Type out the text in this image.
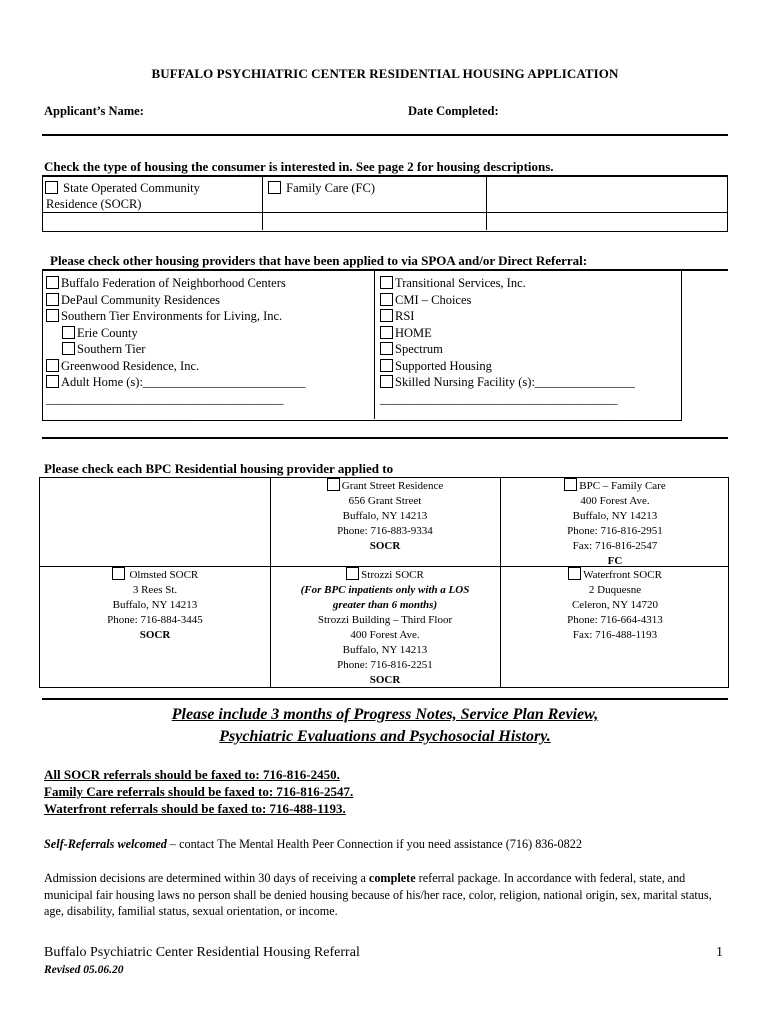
BUFFALO PSYCHIATRIC CENTER RESIDENTIAL HOUSING APPLICATION
Applicant’s Name:	Date Completed:
Check the type of housing the consumer is interested in. See page 2 for housing descriptions.
State Operated Community
Residence (SOCR)
Family Care (FC)
Please check other housing providers that have been applied to via SPOA and/or Direct Referral:
Buffalo Federation of Neighborhood Centers
DePaul Community Residences
Southern Tier Environments for Living, Inc.
Erie County
Southern Tier
Greenwood Residence, Inc.
Adult Home (s):__________________________
______________________________________
_______________________
Transitional Services, Inc.
CMI – Choices
RSI
HOME
Spectrum
Supported Housing
Skilled Nursing Facility (s):________________
______________________________________
______________________________________
Please check each BPC Residential housing provider applied to
Grant Street Residence
656 Grant Street
Buffalo, NY 14213
Phone: 716-883-9334
SOCR
BPC – Family Care
400 Forest Ave.
Buffalo, NY 14213
Phone: 716-816-2951
Fax: 716-816-2547
FC
Olmsted SOCR
3 Rees St.
Buffalo, NY 14213
Phone: 716-884-3445
SOCR
Strozzi SOCR
(For BPC inpatients only with a LOS
greater than 6 months)
Strozzi Building – Third Floor
400 Forest Ave.
Buffalo, NY 14213
Phone: 716-816-2251
SOCR
Waterfront SOCR
2 Duquesne
Celeron, NY 14720
Phone: 716-664-4313
Fax: 716-488-1193
Please include 3 months of Progress Notes, Service Plan Review,
Psychiatric Evaluations and Psychosocial History.
All SOCR referrals should be faxed to: 716-816-2450.
Family Care referrals should be faxed to: 716-816-2547.
Waterfront referrals should be faxed to: 716-488-1193.
Self-Referrals welcomed – contact The Mental Health Peer Connection if you need assistance (716) 836-0822
Admission decisions are determined within 30 days of receiving a complete referral package. In accordance with federal, state, and municipal fair housing laws no person shall be denied housing because of his/her race, color, religion, national origin, sex, marital status, age, disability, familial status, sexual orientation, or income.
Buffalo Psychiatric Center Residential Housing Referral	1
Revised 05.06.20
